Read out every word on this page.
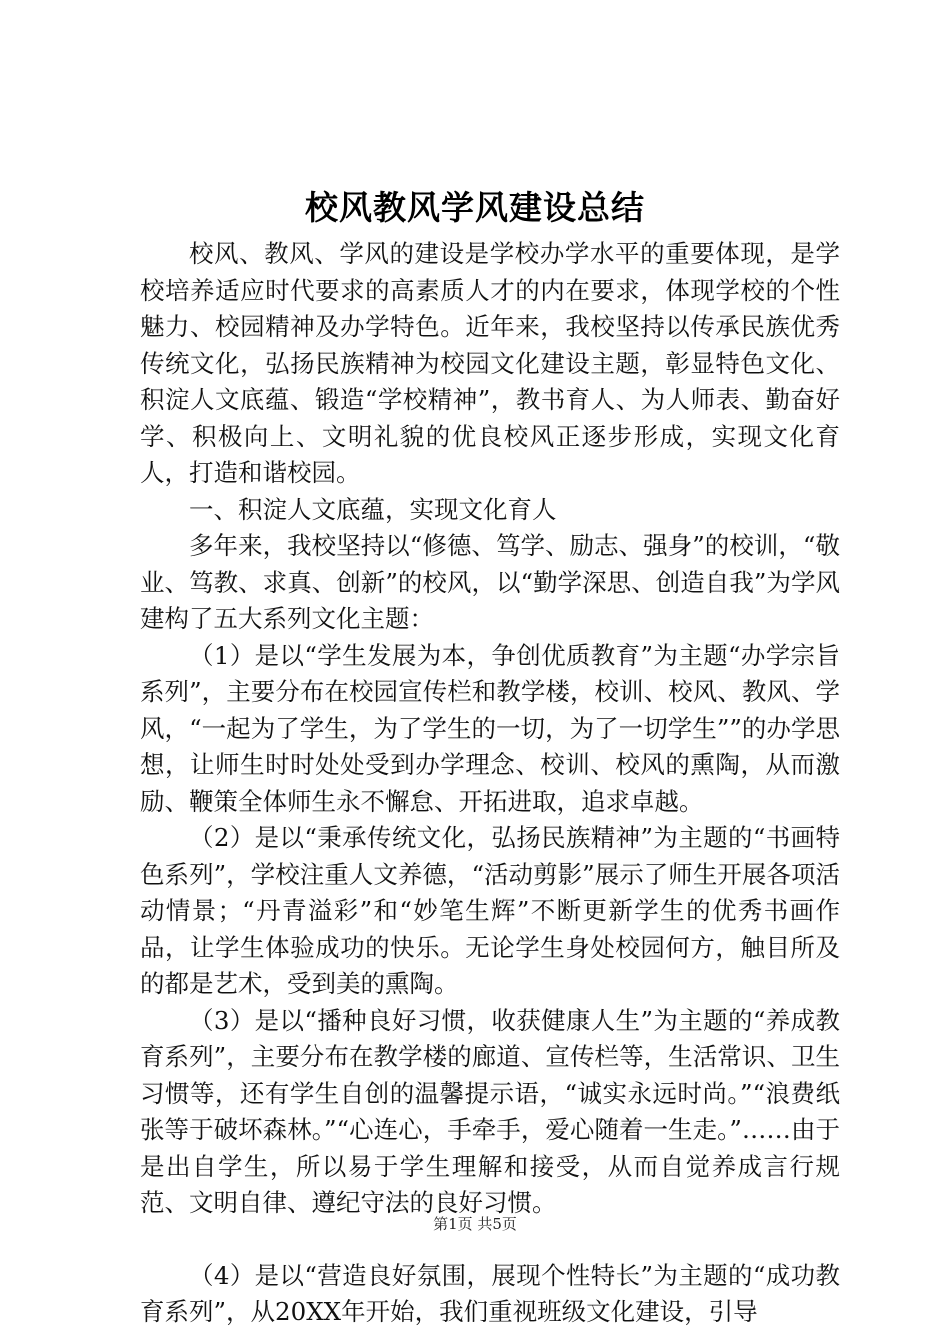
校风教风学风建设总结

校风、教风、学风的建设是学校办学水平的重要体现，是学校培养适应时代要求的高素质人才的内在要求，体现学校的个性魅力、校园精神及办学特色。近年来，我校坚持以传承民族优秀传统文化，弘扬民族精神为校园文化建设主题，彰显特色文化、积淀人文底蕴、锻造“学校精神”，教书育人、为人师表、勤奋好学、积极向上、文明礼貌的优良校风正逐步形成，实现文化育人，打造和谐校园。

一、积淀人文底蕴，实现文化育人

多年来，我校坚持以“修德、笃学、励志、强身”的校训，“敬业、笃教、求真、创新”的校风，以“勤学深思、创造自我”为学风建构了五大系列文化主题：

（1）是以“学生发展为本，争创优质教育”为主题“办学宗旨系列”，主要分布在校园宣传栏和教学楼，校训、校风、教风、学风，“一起为了学生，为了学生的一切，为了一切学生””的办学思想，让师生时时处处受到办学理念、校训、校风的熏陶，从而激励、鞭策全体师生永不懈怠、开拓进取，追求卓越。

（2）是以“秉承传统文化，弘扬民族精神”为主题的“书画特色系列”，学校注重人文养德，“活动剪影”展示了师生开展各项活动情景；“丹青溢彩”和“妙笔生辉”不断更新学生的优秀书画作品，让学生体验成功的快乐。无论学生身处校园何方，触目所及的都是艺术，受到美的熏陶。

（3）是以“播种良好习惯，收获健康人生”为主题的“养成教育系列”，主要分布在教学楼的廊道、宣传栏等，生活常识、卫生习惯等，还有学生自创的温馨提示语，“诚实永远时尚。”“浪费纸张等于破坏森林。”“心连心，手牵手，爱心随着一生走。”……由于是出自学生，所以易于学生理解和接受，从而自觉养成言行规范、文明自律、遵纪守法的良好习惯。

（4）是以“营造良好氛围，展现个性特长”为主题的“成功教育系列”，从20XX年开始，我们重视班级文化建设，引导

第1页 共5页
